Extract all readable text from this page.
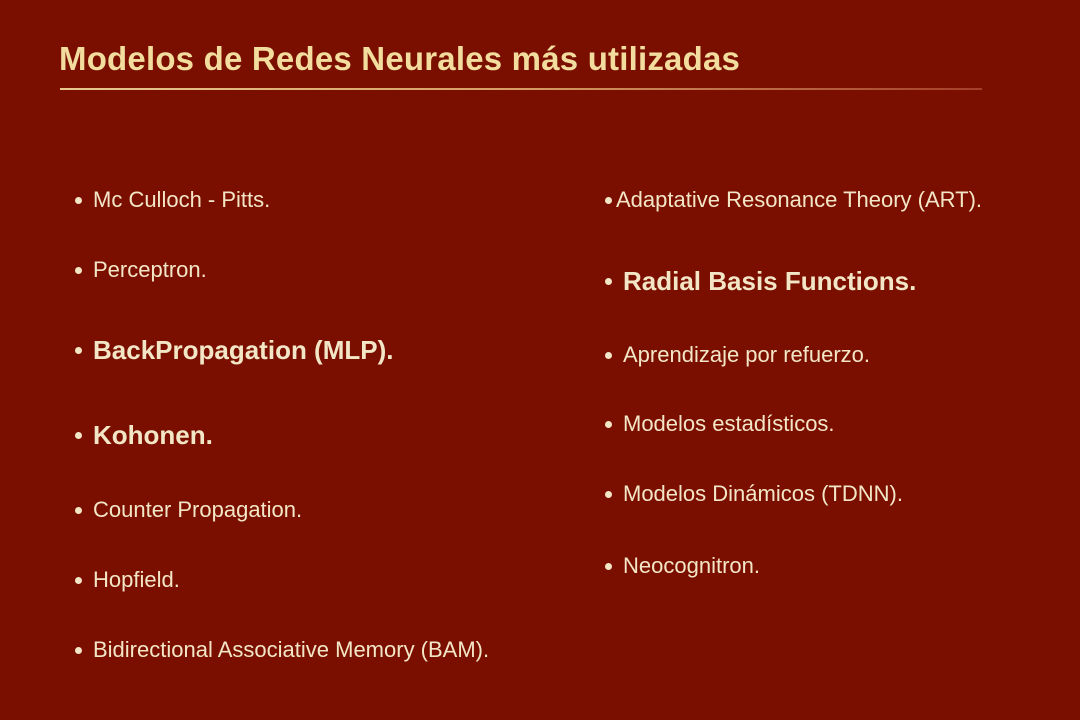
Modelos de Redes Neurales más utilizadas
Mc Culloch - Pitts.
Perceptron.
BackPropagation (MLP).
Kohonen.
Counter Propagation.
Hopfield.
Bidirectional Associative Memory (BAM).
Adaptative Resonance Theory (ART).
Radial Basis Functions.
Aprendizaje por refuerzo.
Modelos estadísticos.
Modelos Dinámicos (TDNN).
Neocognitron.
